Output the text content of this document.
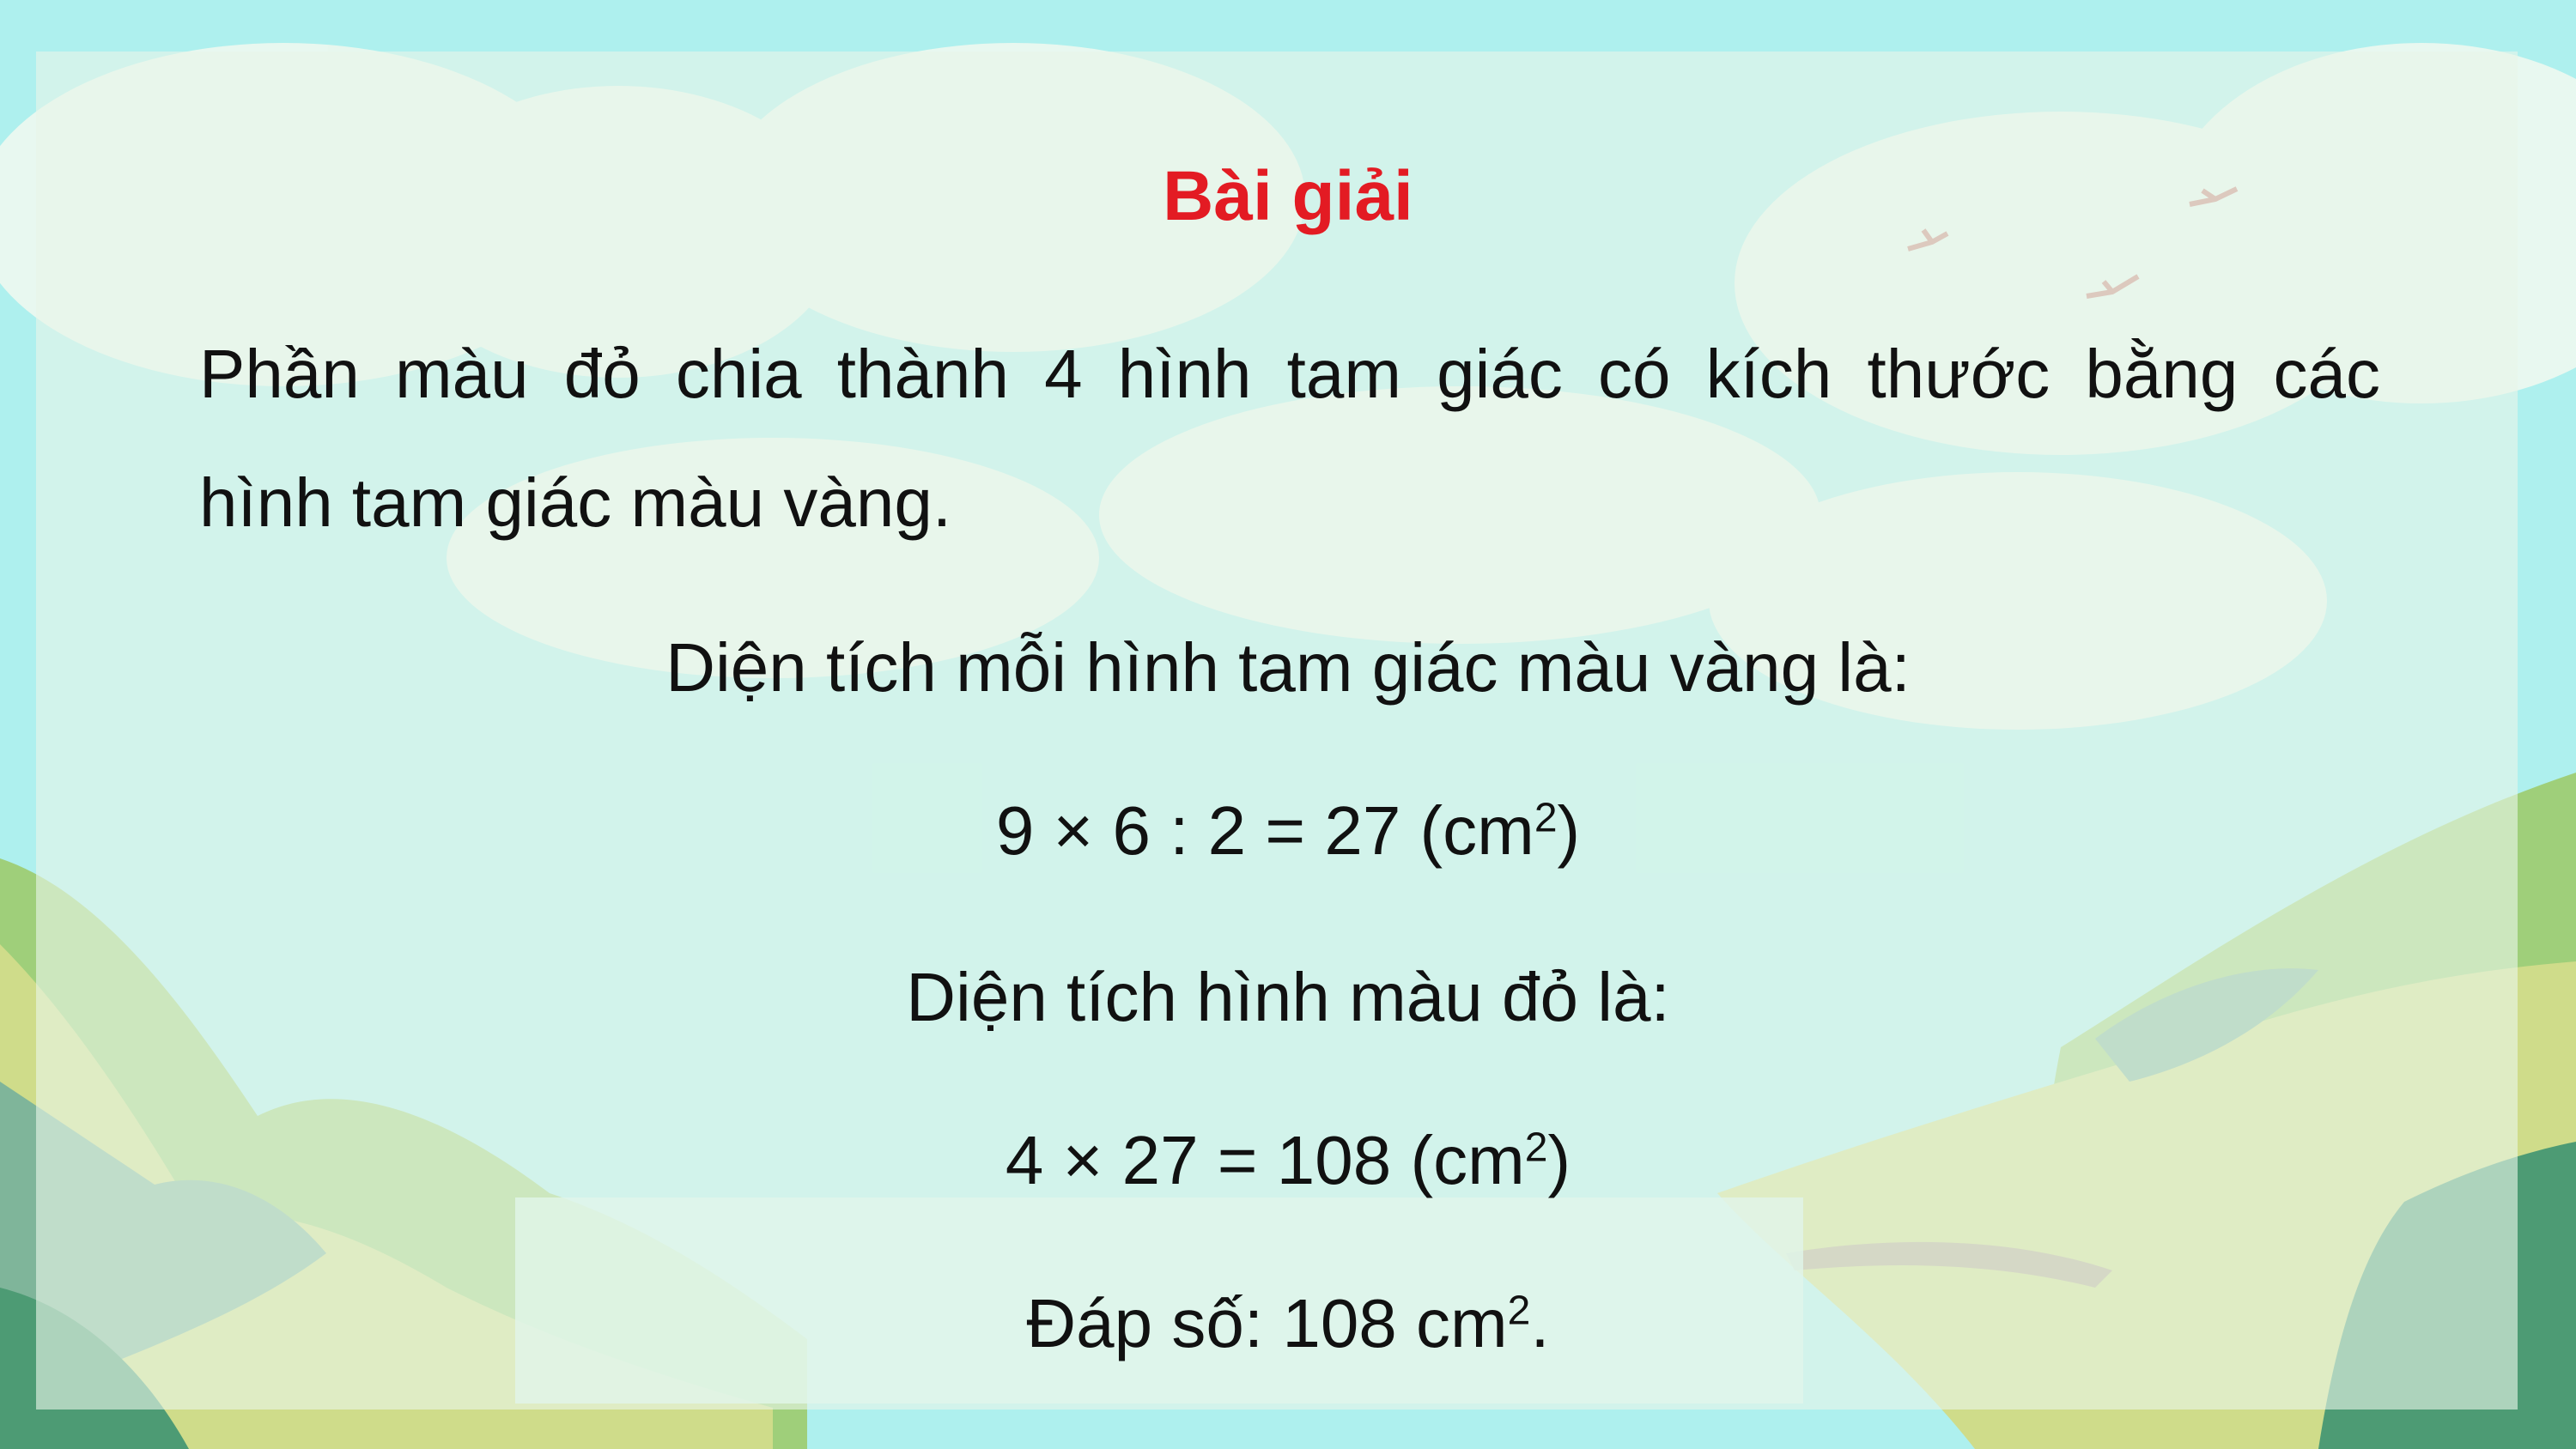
Bài giải
Phần màu đỏ chia thành 4 hình tam giác có kích thước bằng các
hình tam giác màu vàng.
Diện tích mỗi hình tam giác màu vàng là:
9 × 6 : 2 = 27 $(cm^2)$
Diện tích hình màu đỏ là:
4 × 27 = 108 $(cm^2)$
Đáp số: 108 $cm^2$.
